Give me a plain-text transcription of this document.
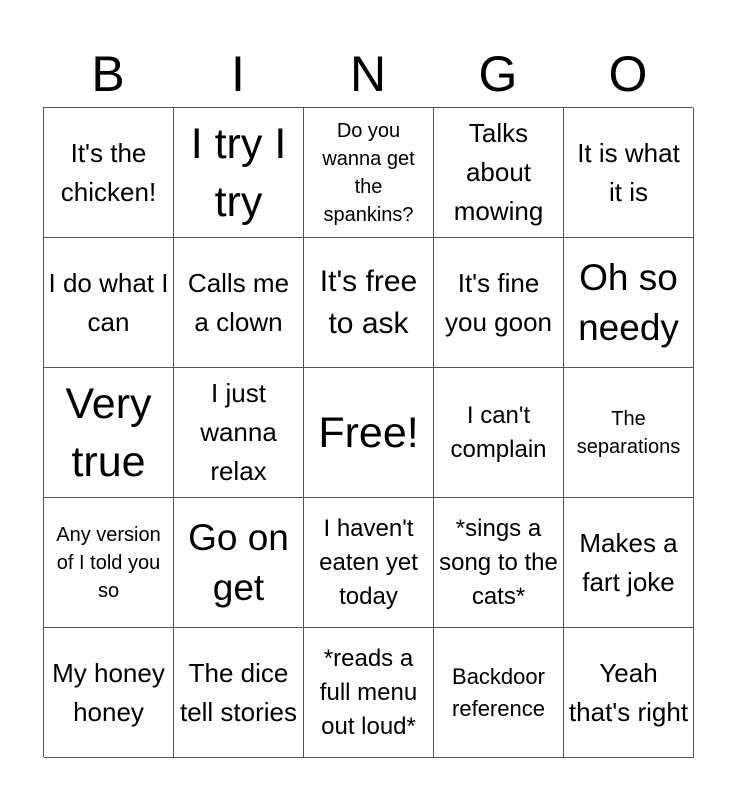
B	I	N	G	O
It's the chicken!
I try I try
Do you wanna get the spankins?
Talks about mowing
It is what it is
I do what I can
Calls me a clown
It's free to ask
It's fine you goon
Oh so needy
Very true
I just wanna relax
Free!	I can't complain
The separations
Any version of I told you so
Go on get
I haven't eaten yet today
*sings a song to the cats*
Makes a fart joke
My honey honey
The dice tell stories
*reads a full menu out loud*
Backdoor reference
Yeah that's right
